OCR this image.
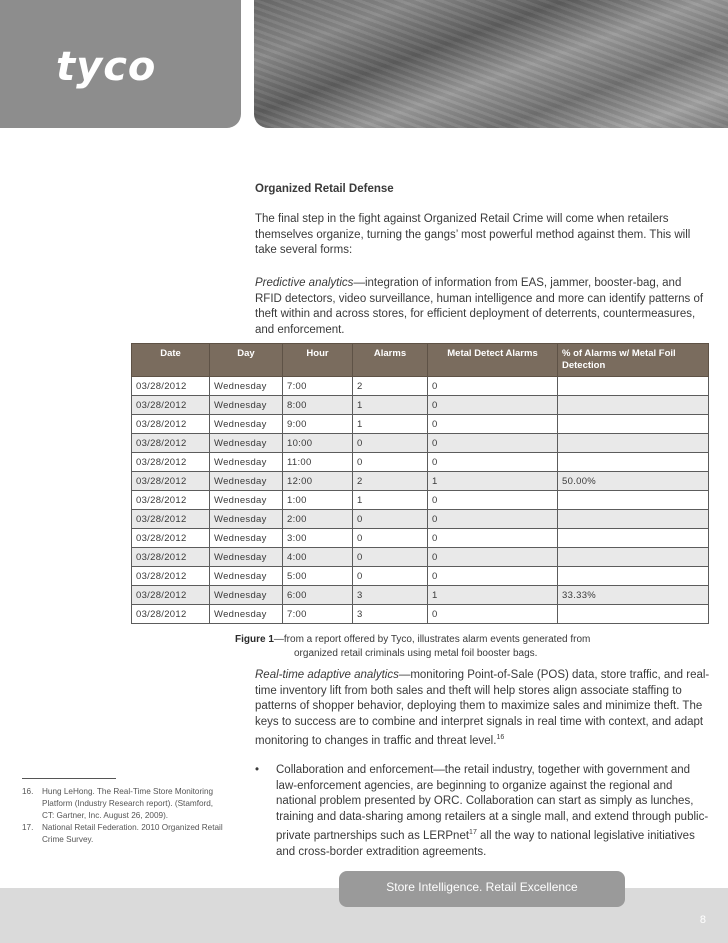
tyco
Organized Retail Defense
The final step in the fight against Organized Retail Crime will come when retailers themselves organize, turning the gangs’ most powerful method against them. This will take several forms:
Predictive analytics—integration of information from EAS, jammer, booster-bag, and RFID detectors, video surveillance, human intelligence and more can identify patterns of theft within and across stores, for efficient deployment of deterrents, countermeasures, and enforcement.
Date	Day	Hour	Alarms	Metal Detect Alarms	% of Alarms w/ Metal Foil Detection
03/28/2012	Wednesday	7:00	2	0	
03/28/2012	Wednesday	8:00	1	0	
03/28/2012	Wednesday	9:00	1	0	
03/28/2012	Wednesday	10:00	0	0	
03/28/2012	Wednesday	11:00	0	0	
03/28/2012	Wednesday	12:00	2	1	50.00%
03/28/2012	Wednesday	1:00	1	0	
03/28/2012	Wednesday	2:00	0	0	
03/28/2012	Wednesday	3:00	0	0	
03/28/2012	Wednesday	4:00	0	0	
03/28/2012	Wednesday	5:00	0	0	
03/28/2012	Wednesday	6:00	3	1	33.33%
03/28/2012	Wednesday	7:00	3	0	
Figure 1—from a report offered by Tyco, illustrates alarm events generated from
organized retail criminals using metal foil booster bags.
Real-time adaptive analytics—monitoring Point-of-Sale (POS) data, store traffic, and real-time inventory lift from both sales and theft will help stores align associate staffing to patterns of shopper behavior, deploying them to maximize sales and minimize theft. The keys to success are to combine and interpret signals in real time with context, and adapt monitoring to changes in traffic and threat level.$^{16}$
• Collaboration and enforcement—the retail industry, together with government and law-enforcement agencies, are beginning to organize against the regional and national problem presented by ORC. Collaboration can start as simply as lunches, training and data-sharing among retailers at a single mall, and extend through public-private partnerships such as LERPnet$^{17}$ all the way to national legislative initiatives and cross-border extradition agreements.
16. Hung LeHong. The Real-Time Store Monitoring Platform (Industry Research report). (Stamford, CT: Gartner, Inc. August 26, 2009).
17. National Retail Federation. 2010 Organized Retail Crime Survey.
Store Intelligence. Retail Excellence
8
